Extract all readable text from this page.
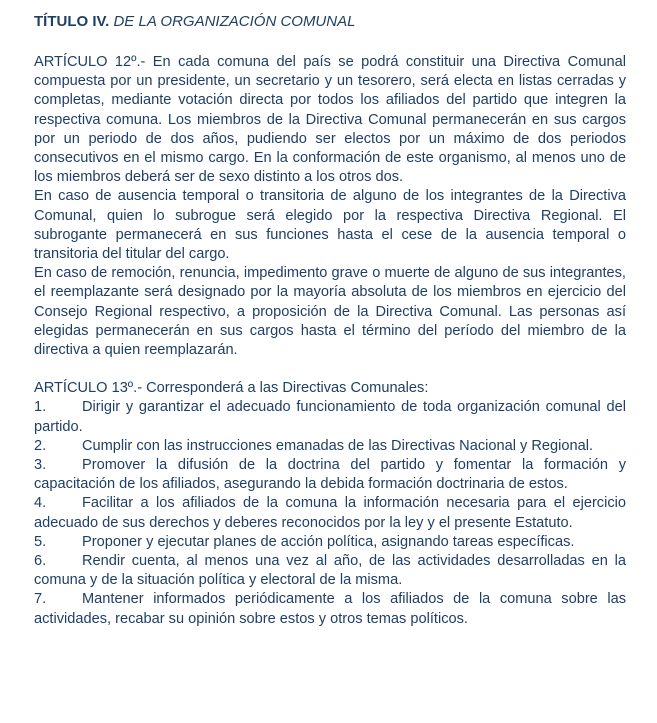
TÍTULO IV. DE LA ORGANIZACIÓN COMUNAL

ARTÍCULO 12º.- En cada comuna del país se podrá constituir una Directiva Comunal compuesta por un presidente, un secretario y un tesorero, será electa en listas cerradas y completas, mediante votación directa por todos los afiliados del partido que integren la respectiva comuna. Los miembros de la Directiva Comunal permanecerán en sus cargos por un periodo de dos años, pudiendo ser electos por un máximo de dos periodos consecutivos en el mismo cargo. En la conformación de este organismo, al menos uno de los miembros deberá ser de sexo distinto a los otros dos.

En caso de ausencia temporal o transitoria de alguno de los integrantes de la Directiva Comunal, quien lo subrogue será elegido por la respectiva Directiva Regional. El subrogante permanecerá en sus funciones hasta el cese de la ausencia temporal o transitoria del titular del cargo.

En caso de remoción, renuncia, impedimento grave o muerte de alguno de sus integrantes, el reemplazante será designado por la mayoría absoluta de los miembros en ejercicio del Consejo Regional respectivo, a proposición de la Directiva Comunal. Las personas así elegidas permanecerán en sus cargos hasta el término del período del miembro de la directiva a quien reemplazarán.

ARTÍCULO 13º.- Corresponderá a las Directivas Comunales:

1. Dirigir y garantizar el adecuado funcionamiento de toda organización comunal del partido.

2. Cumplir con las instrucciones emanadas de las Directivas Nacional y Regional.

3. Promover la difusión de la doctrina del partido y fomentar la formación y capacitación de los afiliados, asegurando la debida formación doctrinaria de estos.

4. Facilitar a los afiliados de la comuna la información necesaria para el ejercicio adecuado de sus derechos y deberes reconocidos por la ley y el presente Estatuto.

5. Proponer y ejecutar planes de acción política, asignando tareas específicas.

6. Rendir cuenta, al menos una vez al año, de las actividades desarrolladas en la comuna y de la situación política y electoral de la misma.

7. Mantener informados periódicamente a los afiliados de la comuna sobre las actividades, recabar su opinión sobre estos y otros temas políticos.
